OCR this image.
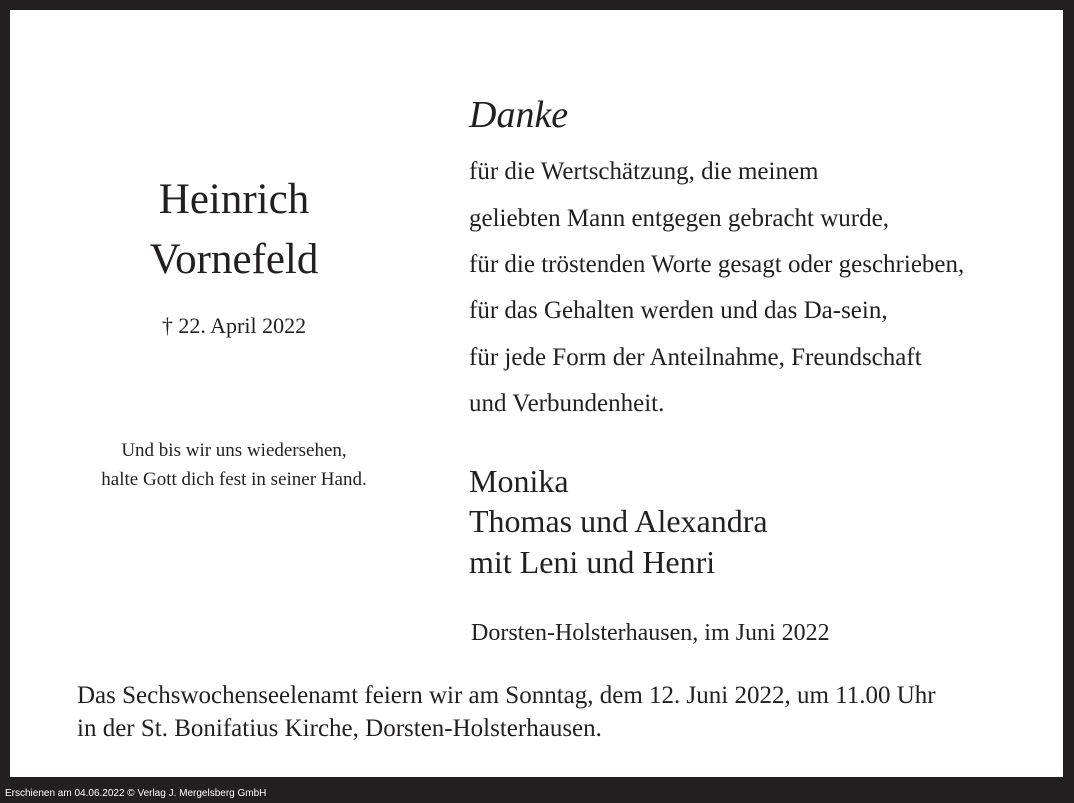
Heinrich
Vornefeld
† 22. April 2022
Und bis wir uns wiedersehen,
halte Gott dich fest in seiner Hand.
Danke
für die Wertschätzung, die meinem
geliebten Mann entgegen gebracht wurde,
für die tröstenden Worte gesagt oder geschrieben,
für das Gehalten werden und das Da-sein,
für jede Form der Anteilnahme, Freundschaft
und Verbundenheit.
Monika
Thomas und Alexandra
mit Leni und Henri
Dorsten-Holsterhausen, im Juni 2022
Das Sechswochenseelenamt feiern wir am Sonntag, dem 12. Juni 2022, um 11.00 Uhr
in der St. Bonifatius Kirche, Dorsten-Holsterhausen.
Erschienen am 04.06.2022 © Verlag J. Mergelsberg GmbH
